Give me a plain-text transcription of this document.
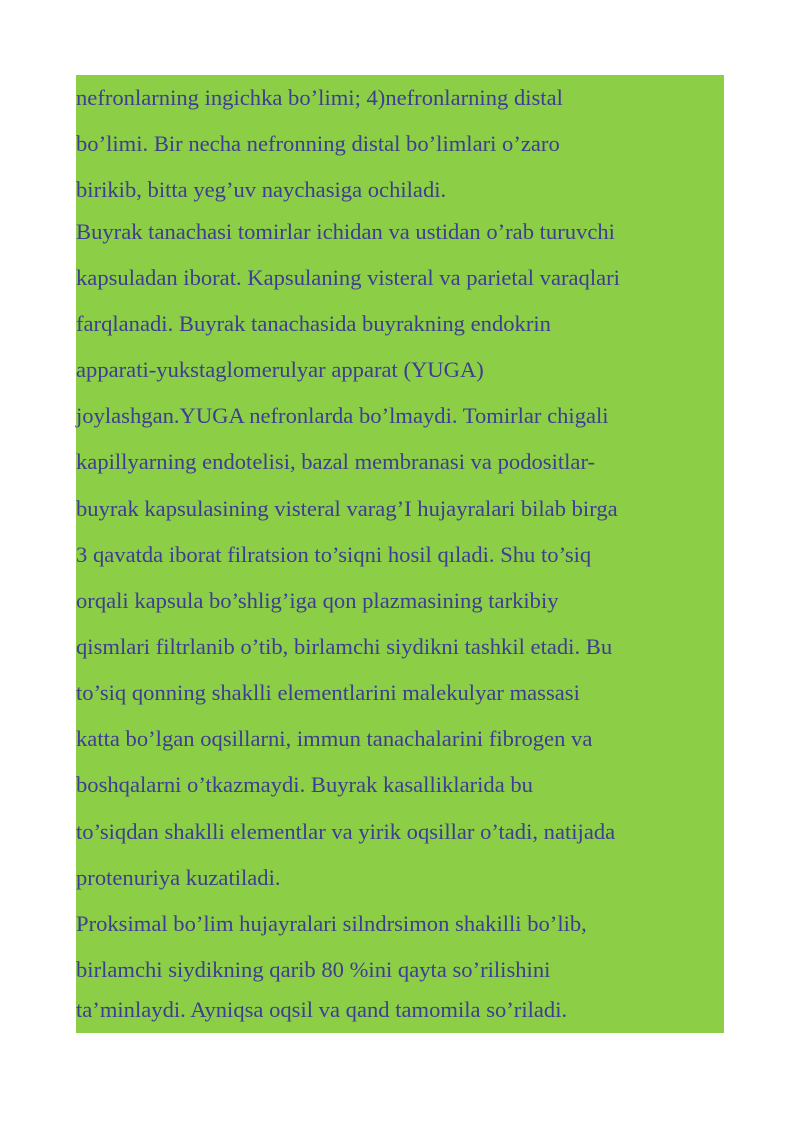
nefronlarning ingichka bo’limi; 4)nefronlarning distal
bo’limi. Bir necha nefronning distal bo’limlari o’zaro
birikib, bitta yeg’uv naychasiga ochiladi.
Buyrak tanachasi tomirlar ichidan va ustidan o’rab turuvchi
kapsuladan iborat. Kapsulaning visteral va parietal varaqlari
farqlanadi. Buyrak tanachasida buyrakning endokrin
apparati-yukstaglomerulyar apparat (YUGA)
joylashgan.YUGA nefronlarda bo’lmaydi. Tomirlar chigali
kapillyarning endotelisi, bazal membranasi va podositlar-
buyrak kapsulasining visteral varag’I hujayralari bilab birga
3 qavatda iborat filratsion to’siqni hosil qıladi. Shu to’siq
orqali kapsula bo’shlig’iga qon plazmasining tarkibiy
qismlari filtrlanib o’tib, birlamchi siydikni tashkil etadi. Bu
to’siq qonning shaklli elementlarini malekulyar massasi
katta bo’lgan oqsillarni, immun tanachalarini fibrogen va
boshqalarni o’tkazmaydi. Buyrak kasalliklarida bu
to’siqdan shaklli elementlar va yirik oqsillar o’tadi, natijada
protenuriya kuzatiladi.
Proksimal bo’lim hujayralari silndrsimon shakilli bo’lib,
birlamchi siydikning qarib 80 %ini qayta so’rilishini
ta’minlaydi. Ayniqsa oqsil va qand tamomila so’riladi.
